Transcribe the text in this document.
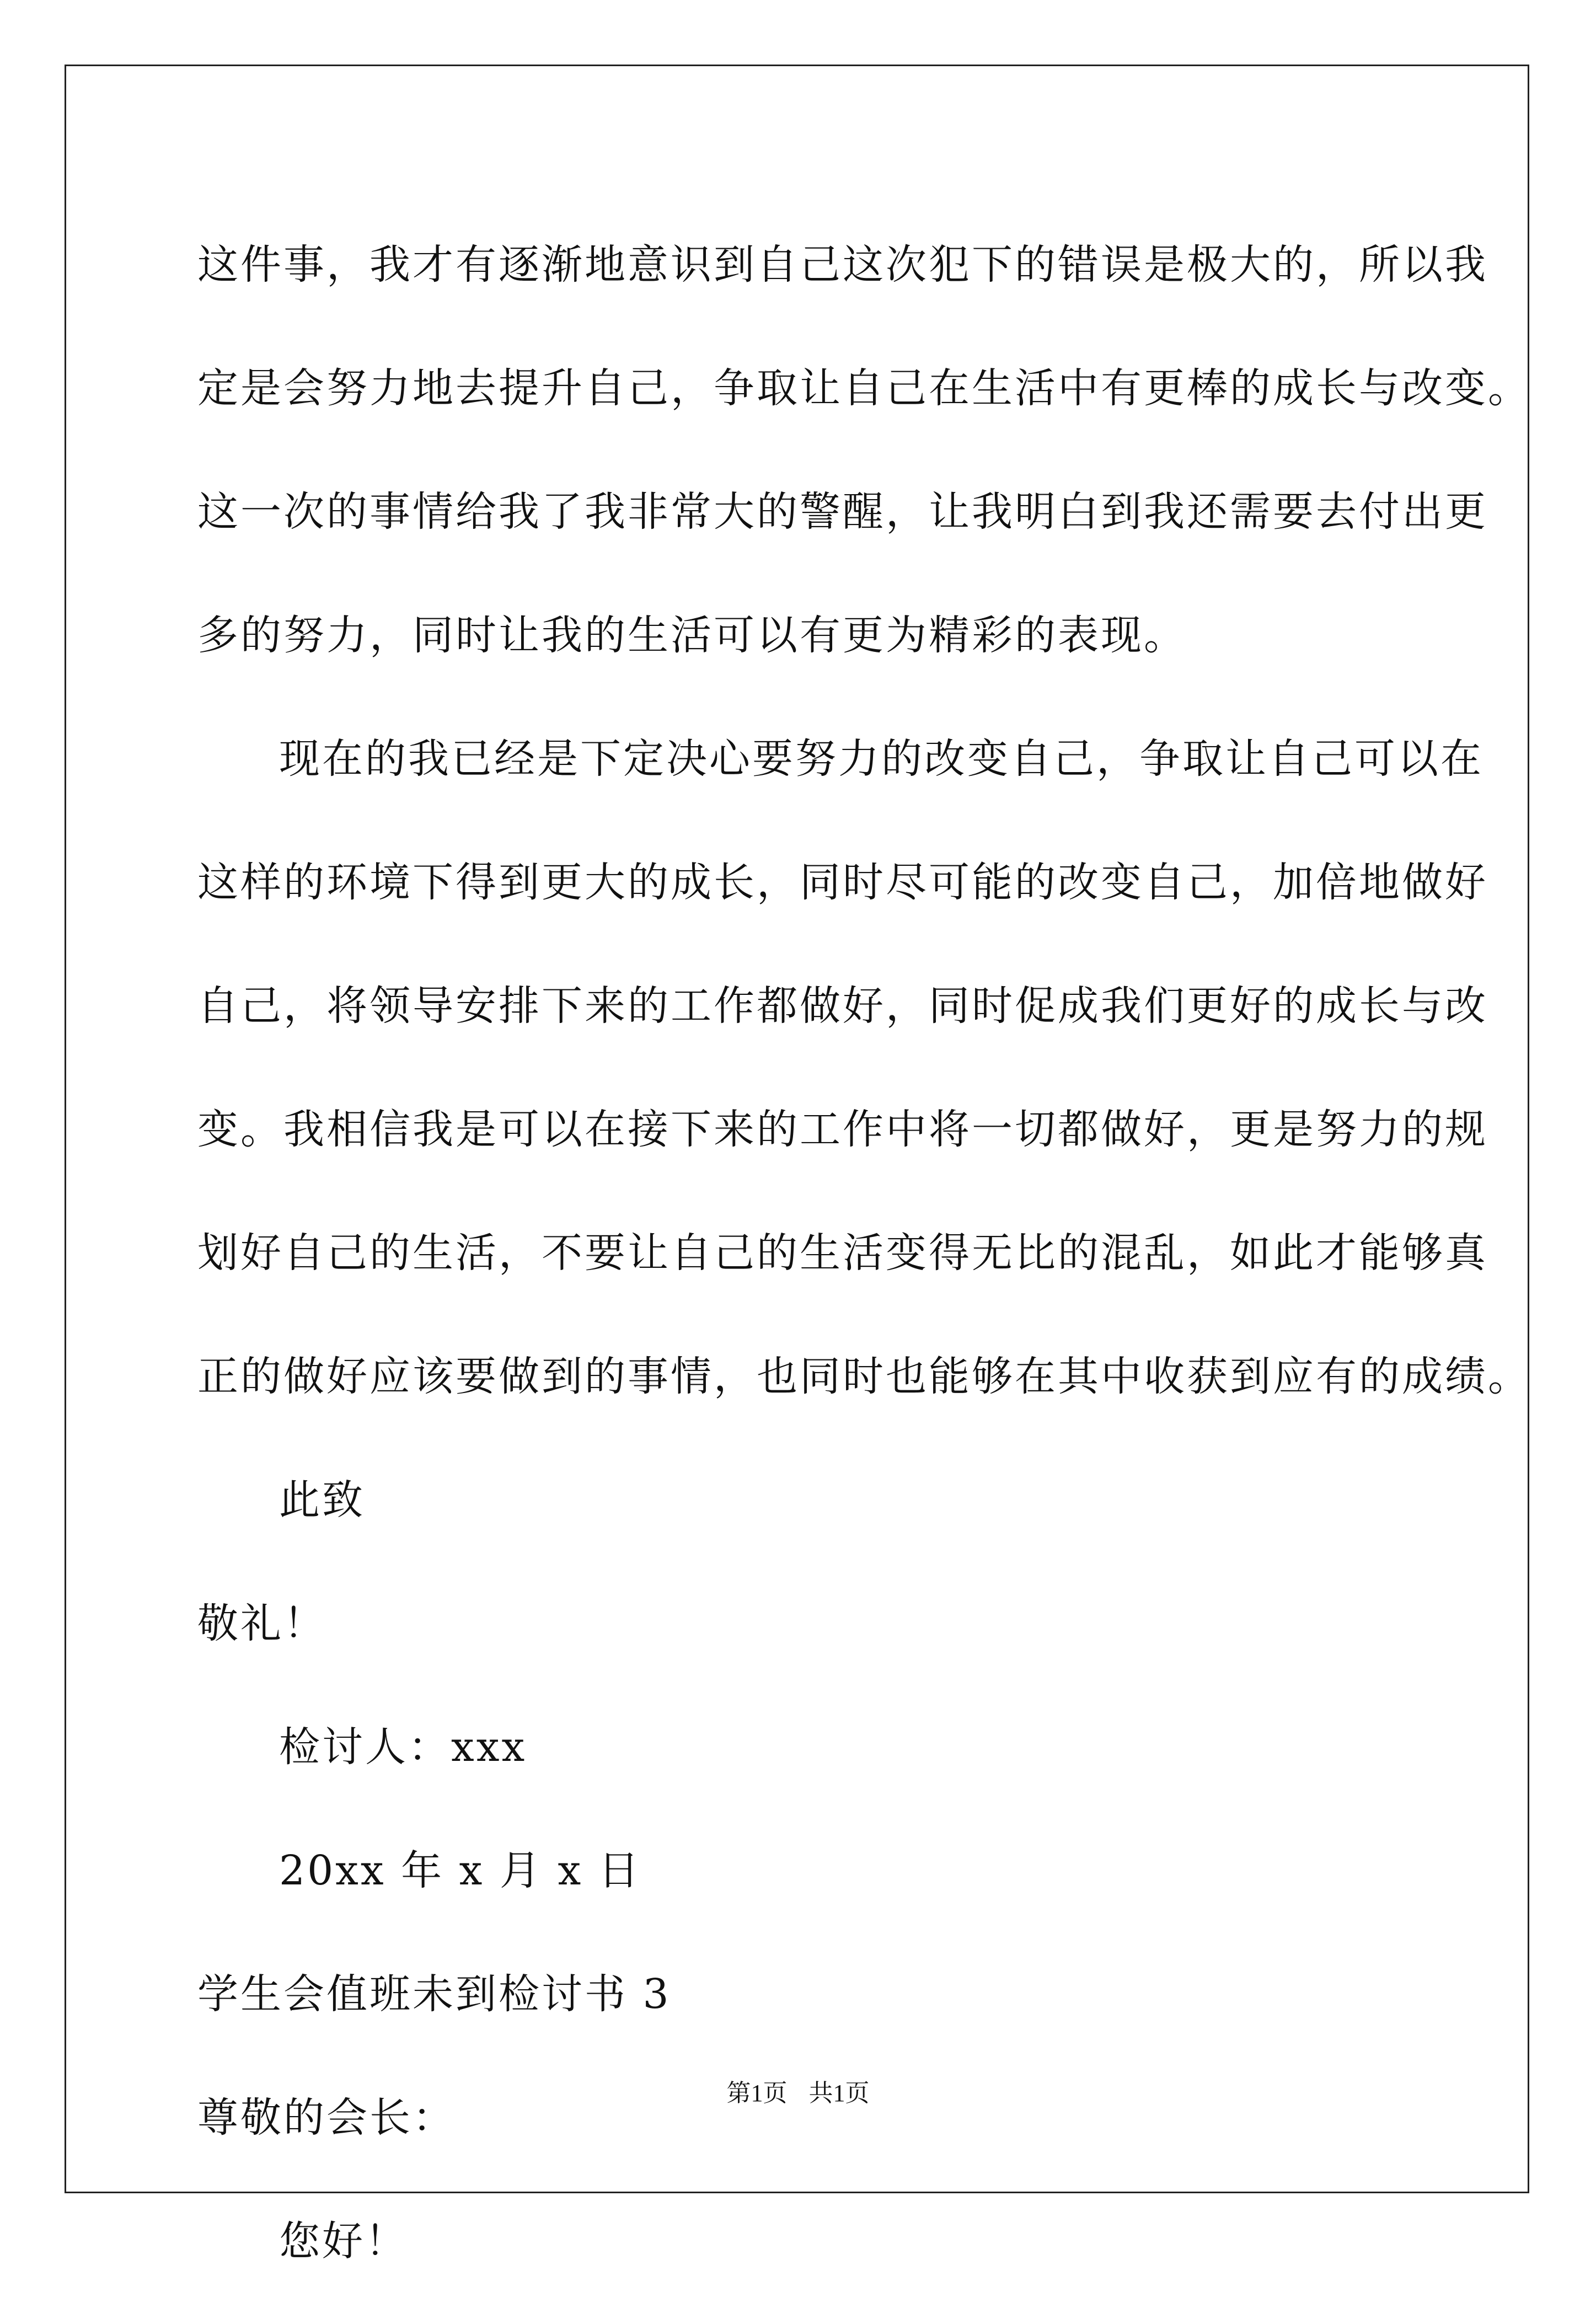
这件事，我才有逐渐地意识到自己这次犯下的错误是极大的，所以我

定是会努力地去提升自己，争取让自己在生活中有更棒的成长与改变。

这一次的事情给我了我非常大的警醒，让我明白到我还需要去付出更

多的努力，同时让我的生活可以有更为精彩的表现。

现在的我已经是下定决心要努力的改变自己，争取让自己可以在

这样的环境下得到更大的成长，同时尽可能的改变自己，加倍地做好

自己，将领导安排下来的工作都做好，同时促成我们更好的成长与改

变。我相信我是可以在接下来的工作中将一切都做好，更是努力的规

划好自己的生活，不要让自己的生活变得无比的混乱，如此才能够真

正的做好应该要做到的事情，也同时也能够在其中收获到应有的成绩。

此致

敬礼！

检讨人：xxx

20xx 年 x 月 x 日

学生会值班未到检讨书 3

尊敬的会长：

您好！

第1页 共1页
